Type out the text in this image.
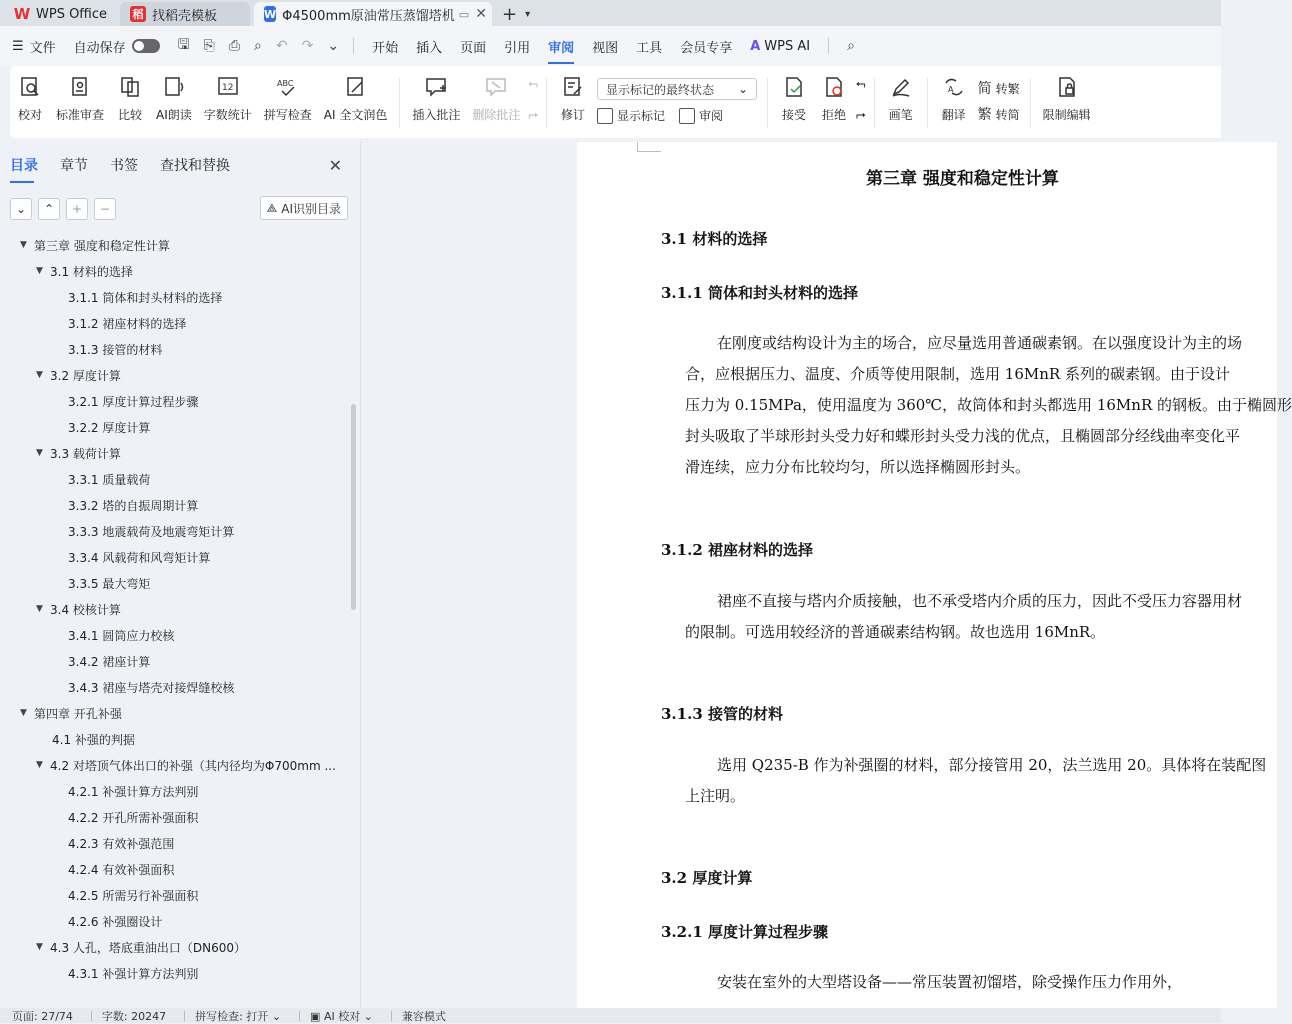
W WPS Office 稻 找稻壳模板	W Φ4500mm原油常压蒸馏塔机 ▭ ✕ + ▾
☰ 文件 自动保存	🖫 ⎘ ⎙ ⌕ ↶ ↷ ⌄	开始 插入 页面 引用 审阅 视图 工具 会员专享 A WPS AI	⌕
校对 标准审查 比较 AI朗读
12
字数统计
ABC
拼写检查 AI 全文润色 插入批注 删除批注
⮢
⮣ 修订
显示标记的最终状态 ⌄
显示标记	审阅	接受 拒绝
⮢
⮣ 画笔
A
翻译
简 转繁
繁 转简 限制编辑
目录 章节 书签 查找和替换	✕
⌄	⌃	+	−	⟁ AI识别目录
▼ 第三章 强度和稳定性计算
▼ 3.1 材料的选择
3.1.1 筒体和封头材料的选择
3.1.2 裙座材料的选择
3.1.3 接管的材料
▼ 3.2 厚度计算
3.2.1 厚度计算过程步骤
3.2.2 厚度计算
▼ 3.3 载荷计算
3.3.1 质量载荷
3.3.2 塔的自振周期计算
3.3.3 地震载荷及地震弯矩计算
3.3.4 风载荷和风弯矩计算
3.3.5 最大弯矩
▼ 3.4 校核计算
3.4.1 圆筒应力校核
3.4.2 裙座计算
3.4.3 裙座与塔壳对接焊缝校核
▼ 第四章 开孔补强
4.1 补强的判据
▼ 4.2 对塔顶气体出口的补强（其内径均为Φ700mm ...
4.2.1 补强计算方法判别
4.2.2 开孔所需补强面积
4.2.3 有效补强范围
4.2.4 有效补强面积
4.2.5 所需另行补强面积
4.2.6 补强圈设计
▼ 4.3 人孔，塔底重油出口（DN600）
4.3.1 补强计算方法判别
第三章 强度和稳定性计算
3.1 材料的选择
3.1.1 筒体和封头材料的选择
在刚度或结构设计为主的场合，应尽量选用普通碳素钢。在以强度设计为主的场
合，应根据压力、温度、介质等使用限制，选用 16MnR 系列的碳素钢。由于设计
压力为 0.15MPa，使用温度为 360℃，故筒体和封头都选用 16MnR 的钢板。由于椭圆形
封头吸取了半球形封头受力好和蝶形封头受力浅的优点，且椭圆部分经线曲率变化平
滑连续，应力分布比较均匀，所以选择椭圆形封头。
3.1.2 裙座材料的选择
裙座不直接与塔内介质接触，也不承受塔内介质的压力，因此不受压力容器用材
的限制。可选用较经济的普通碳素结构钢。故也选用 16MnR。
3.1.3 接管的材料
选用 Q235-B 作为补强圈的材料，部分接管用 20，法兰选用 20。具体将在装配图
上注明。
3.2 厚度计算
3.2.1 厚度计算过程步骤
安装在室外的大型塔设备——常压装置初馏塔，除受操作压力作用外，
页面: 27/74	字数: 20247	拼写检查: 打开 ⌄	▣ AI 校对 ⌄	兼容模式
